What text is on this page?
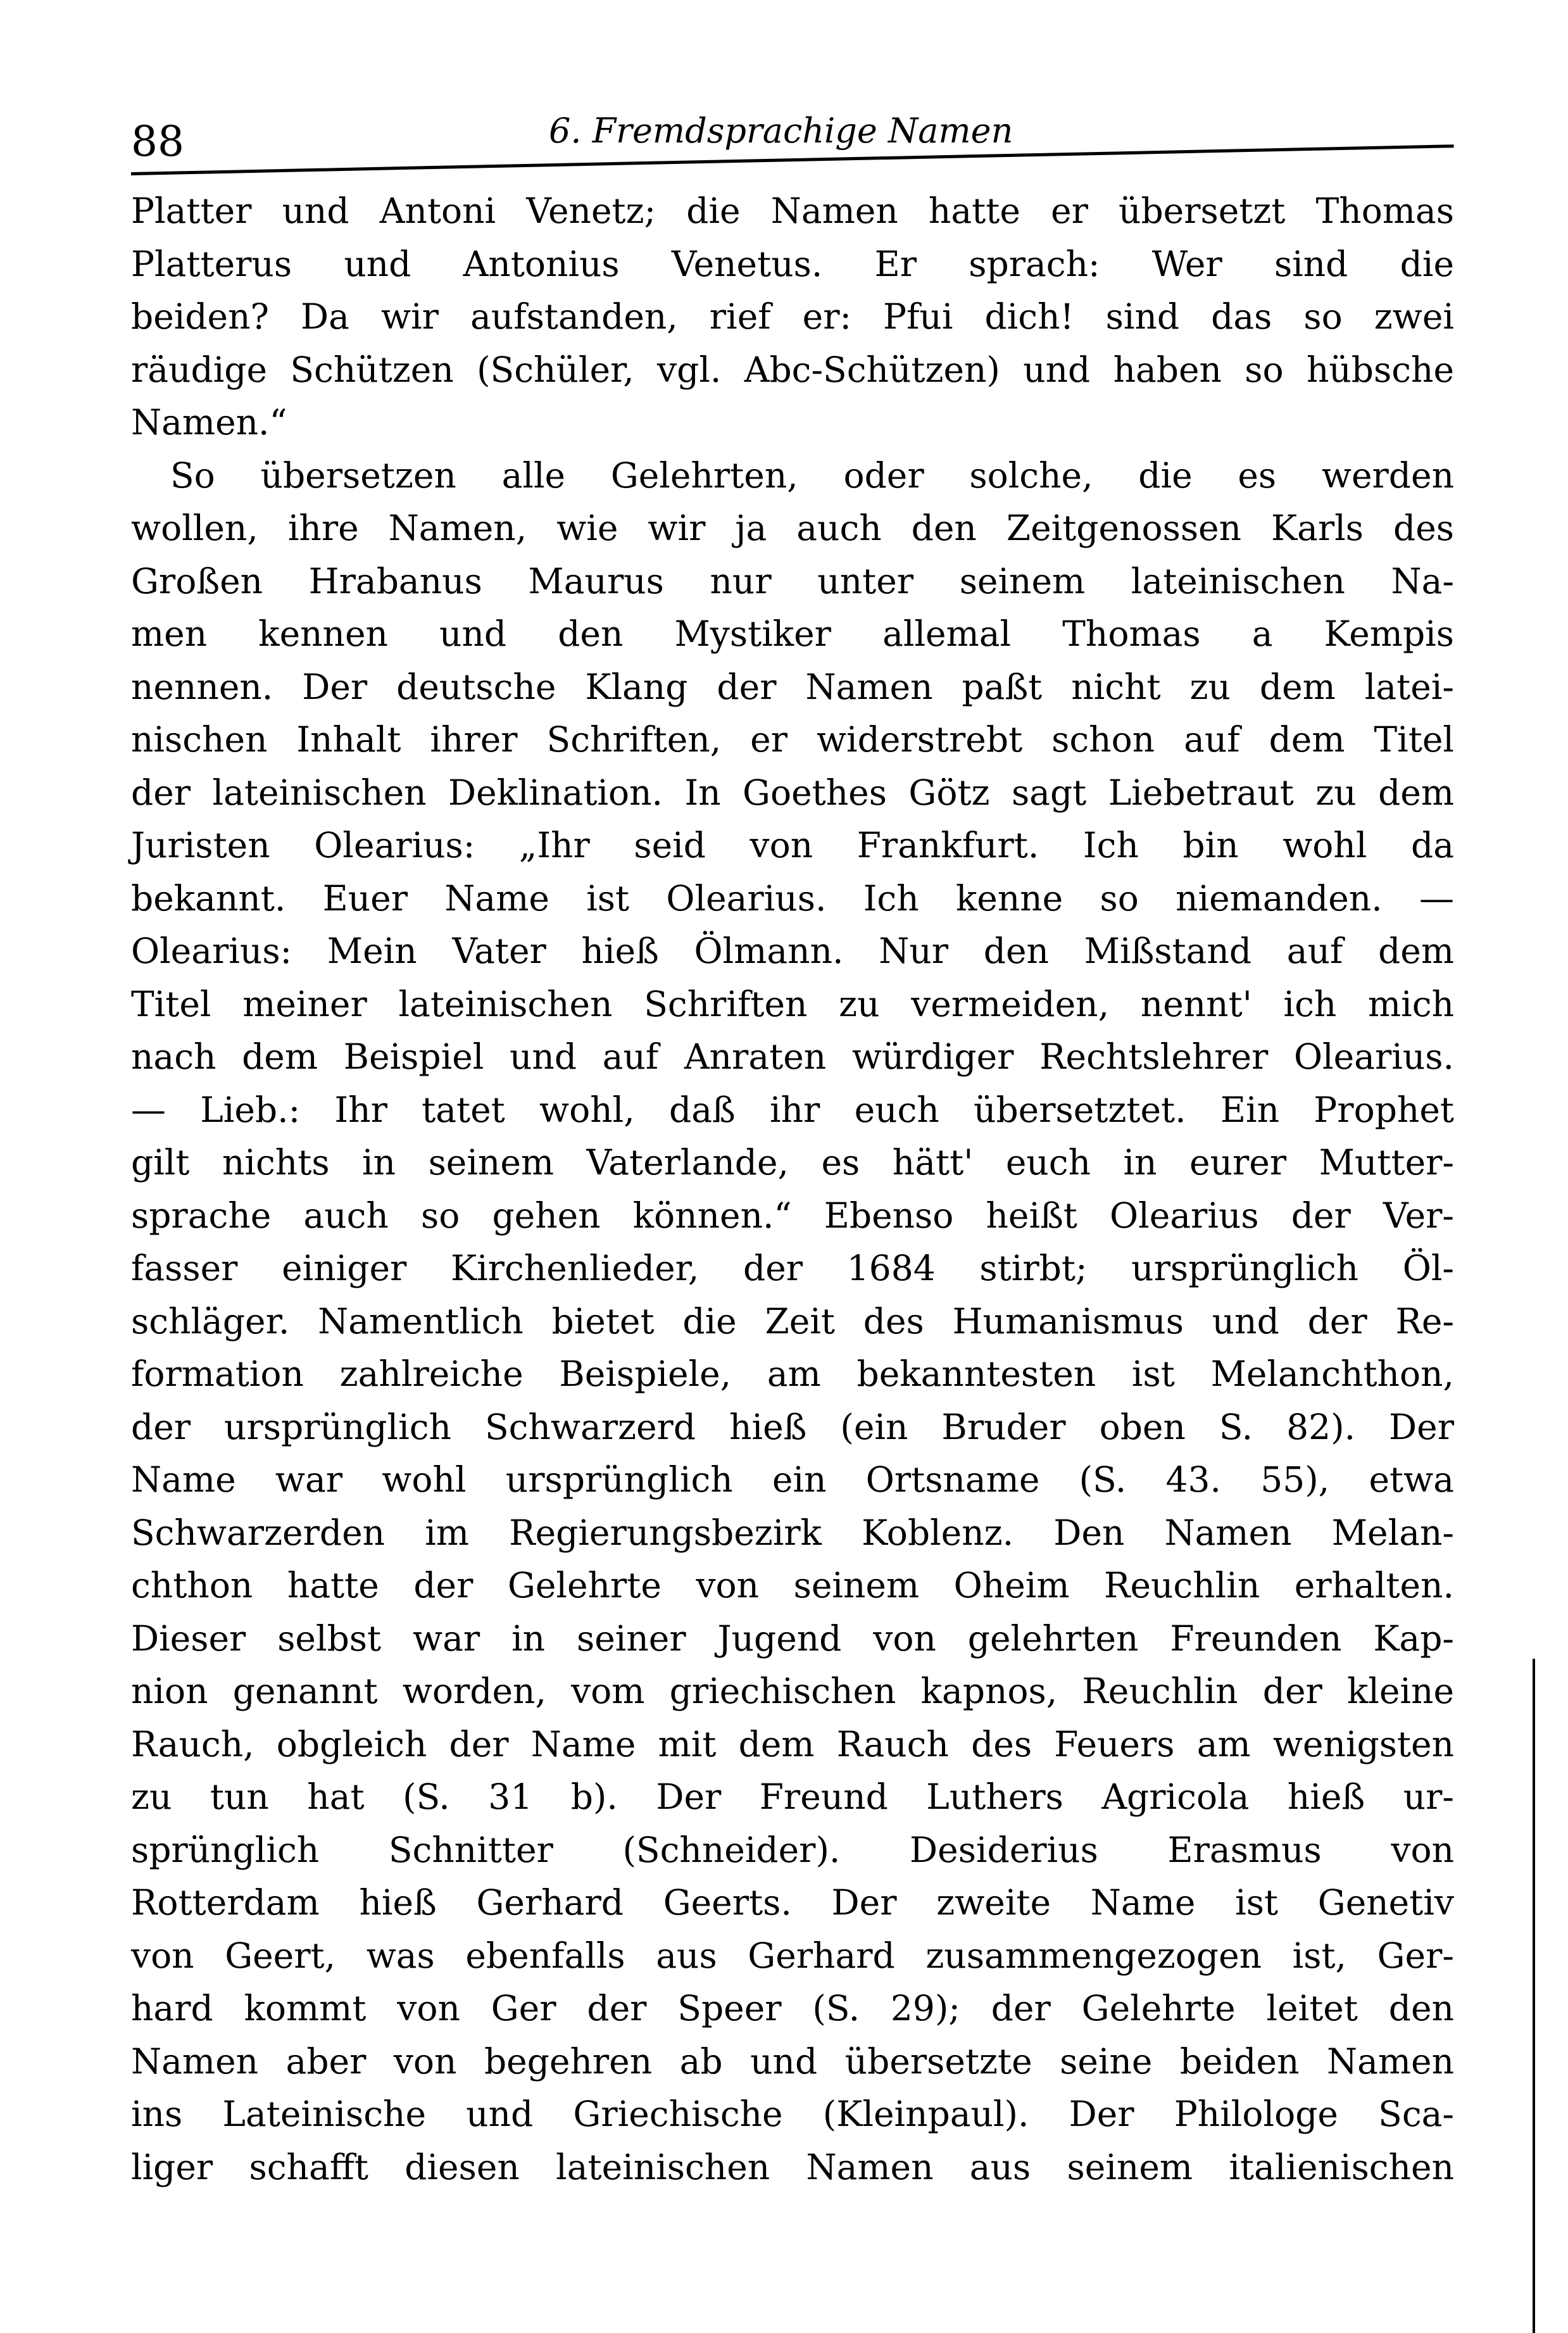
88	6. Fremdsprachige Namen
Platter und Antoni Venetz; die Namen hatte er übersetzt Thomas
Platterus und Antonius Venetus. Er sprach: Wer sind die
beiden? Da wir aufstanden, rief er: Pfui dich! sind das so zwei
räudige Schützen (Schüler, vgl. Abc-Schützen) und haben so hübsche
Namen.“
So übersetzen alle Gelehrten, oder solche, die es werden
wollen, ihre Namen, wie wir ja auch den Zeitgenossen Karls des
Großen Hrabanus Maurus nur unter seinem lateinischen Na-
men kennen und den Mystiker allemal Thomas a Kempis
nennen. Der deutsche Klang der Namen paßt nicht zu dem latei-
nischen Inhalt ihrer Schriften, er widerstrebt schon auf dem Titel
der lateinischen Deklination. In Goethes Götz sagt Liebetraut zu dem
Juristen Olearius: „Ihr seid von Frankfurt. Ich bin wohl da
bekannt. Euer Name ist Olearius. Ich kenne so niemanden. —
Olearius: Mein Vater hieß Ölmann. Nur den Mißstand auf dem
Titel meiner lateinischen Schriften zu vermeiden, nennt' ich mich
nach dem Beispiel und auf Anraten würdiger Rechtslehrer Olearius.
— Lieb.: Ihr tatet wohl, daß ihr euch übersetztet. Ein Prophet
gilt nichts in seinem Vaterlande, es hätt' euch in eurer Mutter-
sprache auch so gehen können.“ Ebenso heißt Olearius der Ver-
fasser einiger Kirchenlieder, der 1684 stirbt; ursprünglich Öl-
schläger. Namentlich bietet die Zeit des Humanismus und der Re-
formation zahlreiche Beispiele, am bekanntesten ist Melanchthon,
der ursprünglich Schwarzerd hieß (ein Bruder oben S. 82). Der
Name war wohl ursprünglich ein Ortsname (S. 43. 55), etwa
Schwarzerden im Regierungsbezirk Koblenz. Den Namen Melan-
chthon hatte der Gelehrte von seinem Oheim Reuchlin erhalten.
Dieser selbst war in seiner Jugend von gelehrten Freunden Kap-
nion genannt worden, vom griechischen kapnos, Reuchlin der kleine
Rauch, obgleich der Name mit dem Rauch des Feuers am wenigsten
zu tun hat (S. 31 b). Der Freund Luthers Agricola hieß ur-
sprünglich Schnitter (Schneider). Desiderius Erasmus von
Rotterdam hieß Gerhard Geerts. Der zweite Name ist Genetiv
von Geert, was ebenfalls aus Gerhard zusammengezogen ist, Ger-
hard kommt von Ger der Speer (S. 29); der Gelehrte leitet den
Namen aber von begehren ab und übersetzte seine beiden Namen
ins Lateinische und Griechische (Kleinpaul). Der Philologe Sca-
liger schafft diesen lateinischen Namen aus seinem italienischen
